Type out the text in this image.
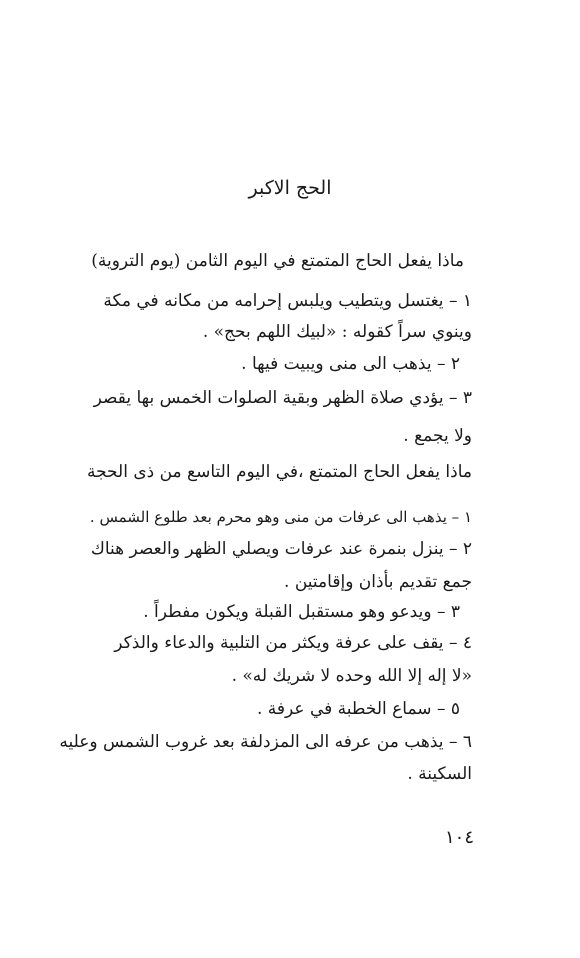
الحج الاكبر
ماذا يفعل الحاج المتمتع في اليوم الثامن (يوم التروية)
١ – يغتسل ويتطيب ويلبس إحرامه من مكانه في مكة
وينوي سراً كقوله : «لبيك اللهم بحج» .
٢ – يذهب الى منى ويبيت فيها .
٣ – يؤدي صلاة الظهر وبقية الصلوات الخمس بها يقصر
ولا يجمع .
ماذا يفعل الحاج المتمتع ،في اليوم التاسع من ذى الحجة
١ – يذهب الى عرفات من منى وهو محرم بعد طلوع الشمس .
٢ – ينزل بنمرة عند عرفات ويصلي الظهر والعصر هناك
جمع تقديم بأذان وإقامتين .
٣ – ويدعو وهو مستقبل القبلة ويكون مفطراً .
٤ – يقف على عرفة ويكثر من التلبية والدعاء والذكر
«لا إله إلا الله وحده لا شريك له» .
٥ – سماع الخطبة في عرفة .
٦ – يذهب من عرفه الى المزدلفة بعد غروب الشمس وعليه
السكينة .
١٠٤
